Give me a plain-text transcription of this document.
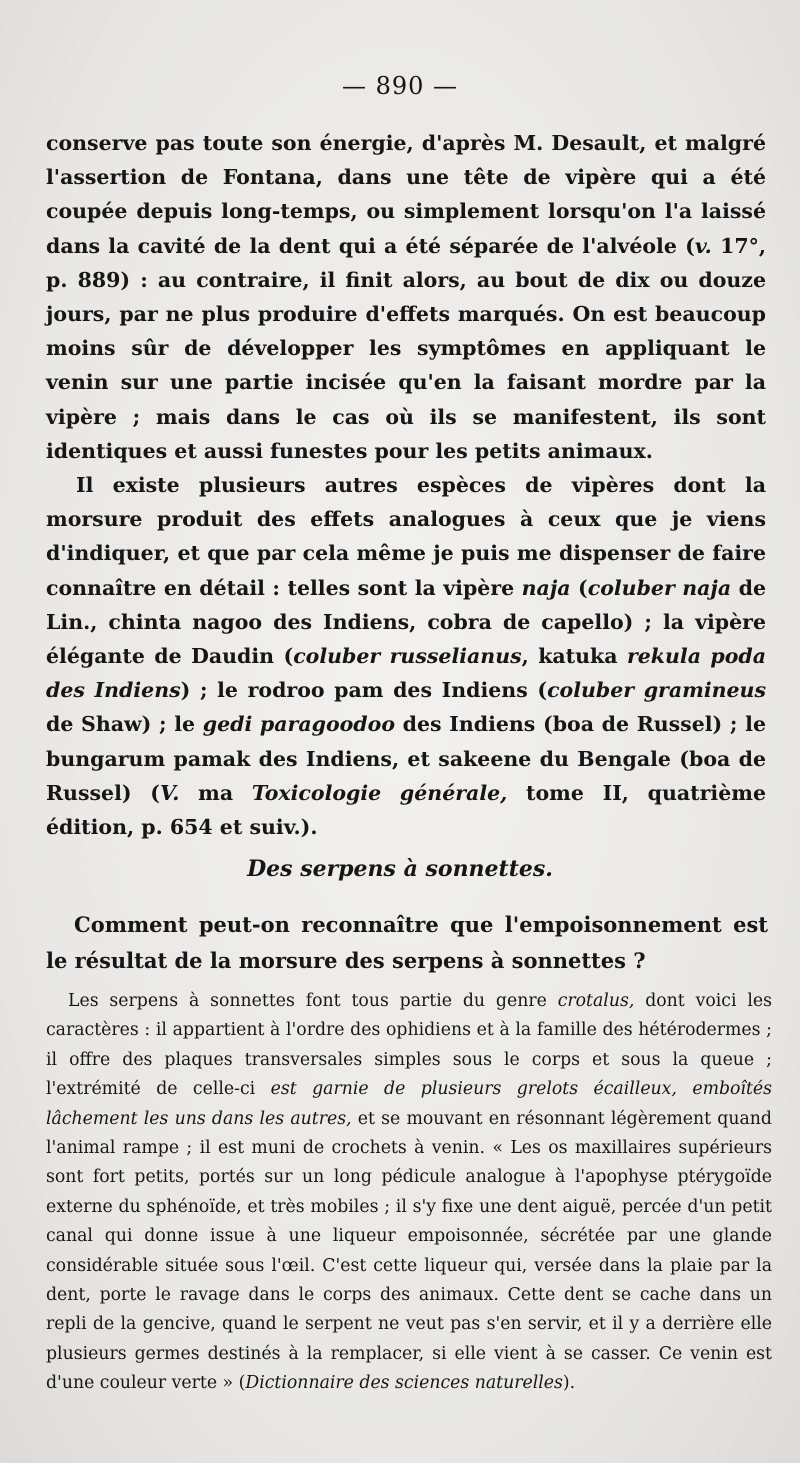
— 890 —

conserve pas toute son énergie, d'après M. Desault, et malgré l'assertion de Fontana, dans une tête de vipère qui a été coupée depuis long-temps, ou simplement lorsqu'on l'a laissé dans la cavité de la dent qui a été séparée de l'alvéole (v. 17°, p. 889) : au contraire, il finit alors, au bout de dix ou douze jours, par ne plus produire d'effets marqués. On est beaucoup moins sûr de développer les symptômes en appliquant le venin sur une partie incisée qu'en la faisant mordre par la vipère ; mais dans le cas où ils se manifestent, ils sont identiques et aussi funestes pour les petits animaux.

Il existe plusieurs autres espèces de vipères dont la morsure produit des effets analogues à ceux que je viens d'indiquer, et que par cela même je puis me dispenser de faire connaître en détail : telles sont la vipère naja (coluber naja de Lin., chinta nagoo des Indiens, cobra de capello) ; la vipère élégante de Daudin (coluber russelianus, katuka rekula poda des Indiens) ; le rodroo pam des Indiens (coluber gramineus de Shaw) ; le gedi paragoodoo des Indiens (boa de Russel) ; le bungarum pamak des Indiens, et sakeene du Bengale (boa de Russel) (V. ma Toxicologie générale, tome II, quatrième édition, p. 654 et suiv.).

Des serpens à sonnettes.
Comment peut-on reconnaître que l'empoisonnement est le résultat de la morsure des serpens à sonnettes ?

Les serpens à sonnettes font tous partie du genre crotalus, dont voici les caractères : il appartient à l'ordre des ophidiens et à la famille des hétérodermes ; il offre des plaques transversales simples sous le corps et sous la queue ; l'extrémité de celle-ci est garnie de plusieurs grelots écailleux, emboîtés lâchement les uns dans les autres, et se mouvant en résonnant légèrement quand l'animal rampe ; il est muni de crochets à venin. « Les os maxillaires supérieurs sont fort petits, portés sur un long pédicule analogue à l'apophyse ptérygoïde externe du sphénoïde, et très mobiles ; il s'y fixe une dent aiguë, percée d'un petit canal qui donne issue à une liqueur empoisonnée, sécrétée par une glande considérable située sous l'œil. C'est cette liqueur qui, versée dans la plaie par la dent, porte le ravage dans le corps des animaux. Cette dent se cache dans un repli de la gencive, quand le serpent ne veut pas s'en servir, et il y a derrière elle plusieurs germes destinés à la remplacer, si elle vient à se casser. Ce venin est d'une couleur verte » (Dictionnaire des sciences naturelles).
